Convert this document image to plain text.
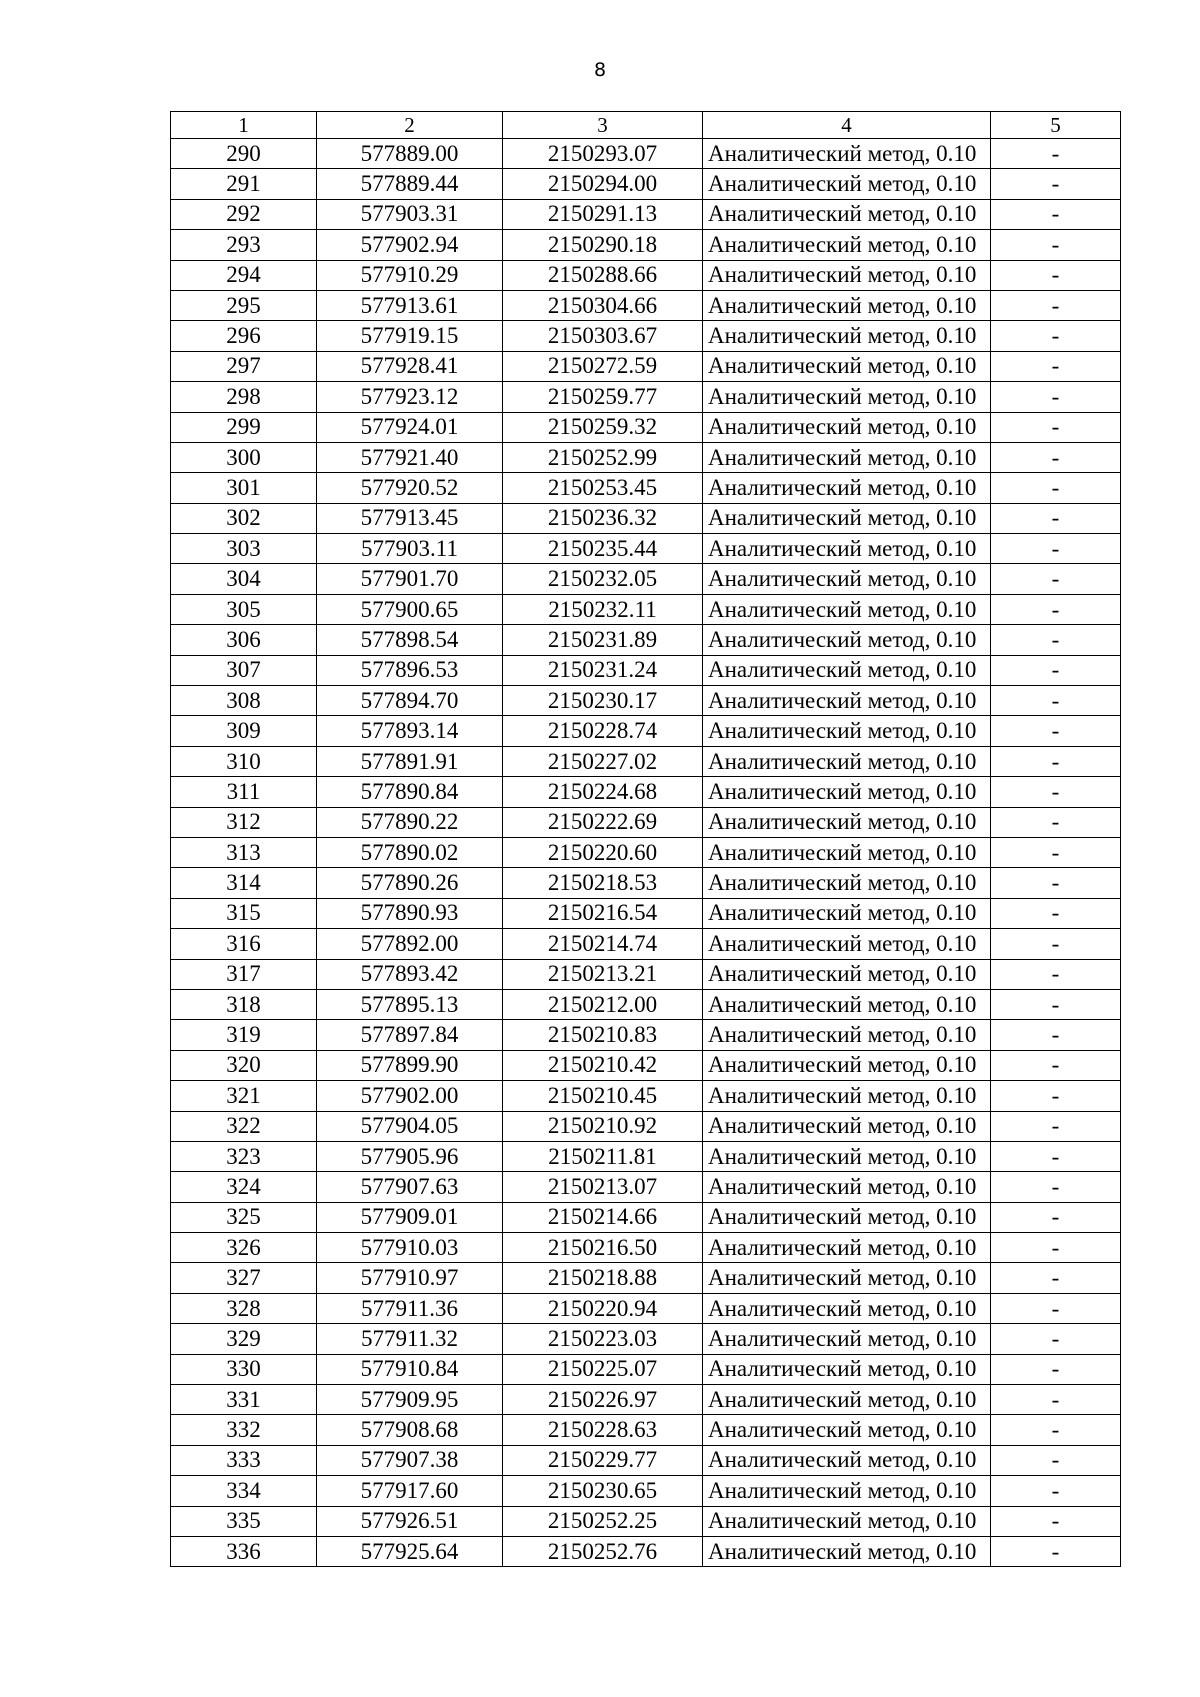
8
1	2	3	4	5
290	577889.00	2150293.07	Аналитический метод, 0.10	-
291	577889.44	2150294.00	Аналитический метод, 0.10	-
292	577903.31	2150291.13	Аналитический метод, 0.10	-
293	577902.94	2150290.18	Аналитический метод, 0.10	-
294	577910.29	2150288.66	Аналитический метод, 0.10	-
295	577913.61	2150304.66	Аналитический метод, 0.10	-
296	577919.15	2150303.67	Аналитический метод, 0.10	-
297	577928.41	2150272.59	Аналитический метод, 0.10	-
298	577923.12	2150259.77	Аналитический метод, 0.10	-
299	577924.01	2150259.32	Аналитический метод, 0.10	-
300	577921.40	2150252.99	Аналитический метод, 0.10	-
301	577920.52	2150253.45	Аналитический метод, 0.10	-
302	577913.45	2150236.32	Аналитический метод, 0.10	-
303	577903.11	2150235.44	Аналитический метод, 0.10	-
304	577901.70	2150232.05	Аналитический метод, 0.10	-
305	577900.65	2150232.11	Аналитический метод, 0.10	-
306	577898.54	2150231.89	Аналитический метод, 0.10	-
307	577896.53	2150231.24	Аналитический метод, 0.10	-
308	577894.70	2150230.17	Аналитический метод, 0.10	-
309	577893.14	2150228.74	Аналитический метод, 0.10	-
310	577891.91	2150227.02	Аналитический метод, 0.10	-
311	577890.84	2150224.68	Аналитический метод, 0.10	-
312	577890.22	2150222.69	Аналитический метод, 0.10	-
313	577890.02	2150220.60	Аналитический метод, 0.10	-
314	577890.26	2150218.53	Аналитический метод, 0.10	-
315	577890.93	2150216.54	Аналитический метод, 0.10	-
316	577892.00	2150214.74	Аналитический метод, 0.10	-
317	577893.42	2150213.21	Аналитический метод, 0.10	-
318	577895.13	2150212.00	Аналитический метод, 0.10	-
319	577897.84	2150210.83	Аналитический метод, 0.10	-
320	577899.90	2150210.42	Аналитический метод, 0.10	-
321	577902.00	2150210.45	Аналитический метод, 0.10	-
322	577904.05	2150210.92	Аналитический метод, 0.10	-
323	577905.96	2150211.81	Аналитический метод, 0.10	-
324	577907.63	2150213.07	Аналитический метод, 0.10	-
325	577909.01	2150214.66	Аналитический метод, 0.10	-
326	577910.03	2150216.50	Аналитический метод, 0.10	-
327	577910.97	2150218.88	Аналитический метод, 0.10	-
328	577911.36	2150220.94	Аналитический метод, 0.10	-
329	577911.32	2150223.03	Аналитический метод, 0.10	-
330	577910.84	2150225.07	Аналитический метод, 0.10	-
331	577909.95	2150226.97	Аналитический метод, 0.10	-
332	577908.68	2150228.63	Аналитический метод, 0.10	-
333	577907.38	2150229.77	Аналитический метод, 0.10	-
334	577917.60	2150230.65	Аналитический метод, 0.10	-
335	577926.51	2150252.25	Аналитический метод, 0.10	-
336	577925.64	2150252.76	Аналитический метод, 0.10	-
